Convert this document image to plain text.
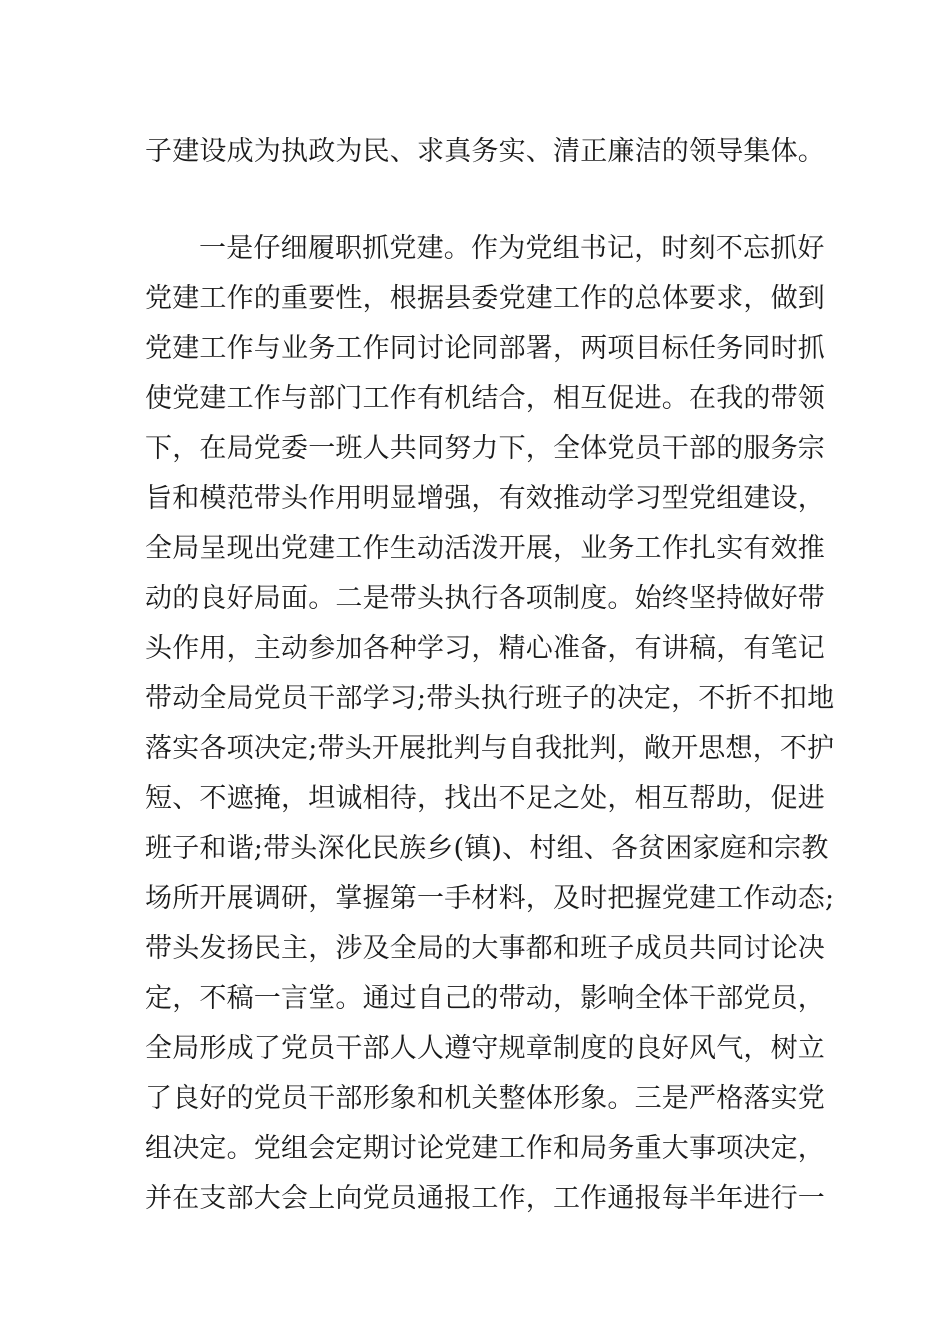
子建设成为执政为民、求真务实、清正廉洁的领导集体。
一是仔细履职抓党建。作为党组书记，时刻不忘抓好
党建工作的重要性，根据县委党建工作的总体要求，做到
党建工作与业务工作同讨论同部署，两项目标任务同时抓
使党建工作与部门工作有机结合，相互促进。在我的带领
下，在局党委一班人共同努力下，全体党员干部的服务宗
旨和模范带头作用明显增强，有效推动学习型党组建设，
全局呈现出党建工作生动活泼开展，业务工作扎实有效推
动的良好局面。二是带头执行各项制度。始终坚持做好带
头作用，主动参加各种学习，精心准备，有讲稿，有笔记
带动全局党员干部学习;带头执行班子的决定，不折不扣地
落实各项决定;带头开展批判与自我批判，敞开思想，不护
短、不遮掩，坦诚相待，找出不足之处，相互帮助，促进
班子和谐;带头深化民族乡(镇)、村组、各贫困家庭和宗教
场所开展调研，掌握第一手材料，及时把握党建工作动态;
带头发扬民主，涉及全局的大事都和班子成员共同讨论决
定，不稿一言堂。通过自己的带动，影响全体干部党员，
全局形成了党员干部人人遵守规章制度的良好风气，树立
了良好的党员干部形象和机关整体形象。三是严格落实党
组决定。党组会定期讨论党建工作和局务重大事项决定，
并在支部大会上向党员通报工作，工作通报每半年进行一
